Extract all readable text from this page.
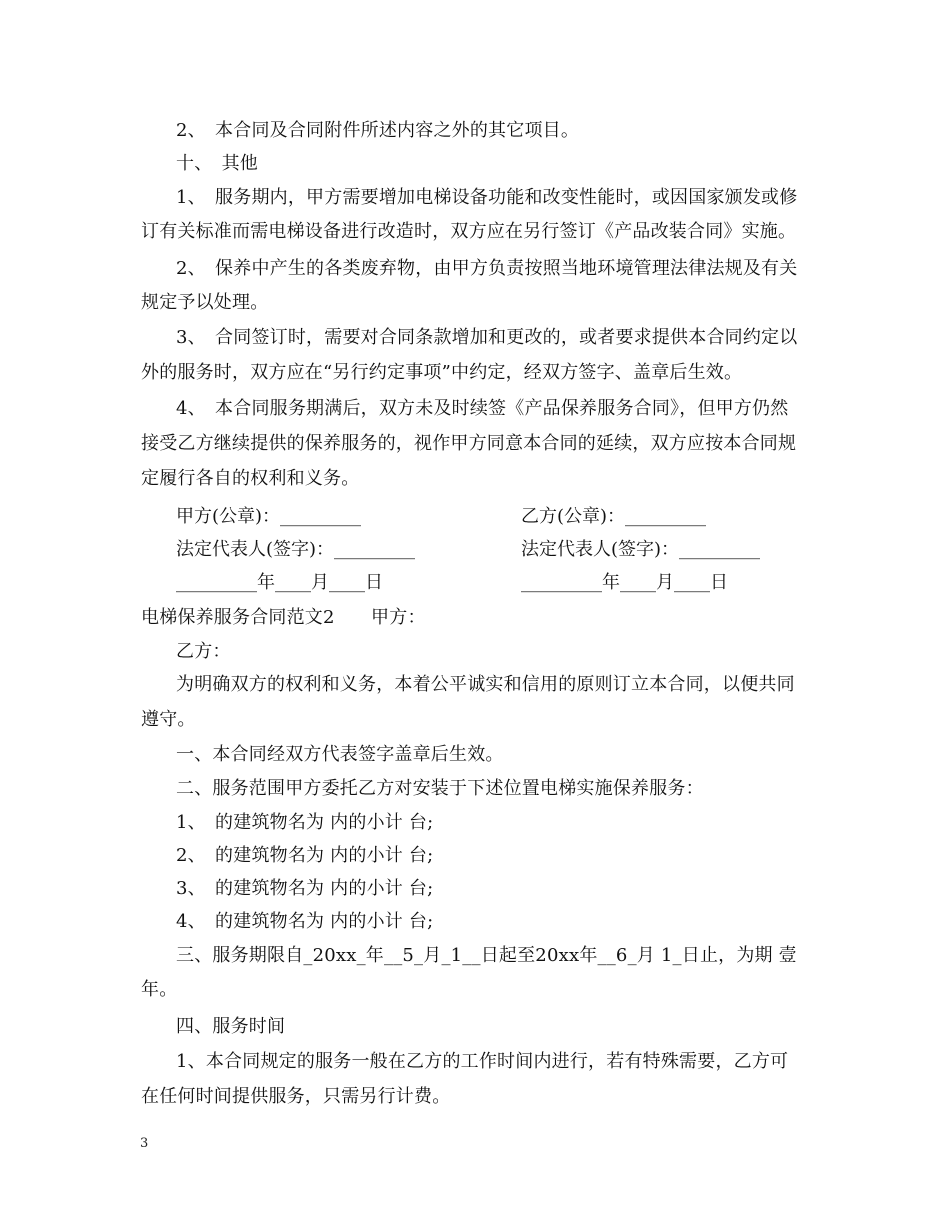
2、　本合同及合同附件所述内容之外的其它项目。
十、　其他
1、　服务期内，甲方需要增加电梯设备功能和改变性能时，或因国家颁发或修
订有关标准而需电梯设备进行改造时，双方应在另行签订《产品改装合同》实施。
2、　保养中产生的各类废弃物，由甲方负责按照当地环境管理法律法规及有关
规定予以处理。
3、　合同签订时，需要对合同条款增加和更改的，或者要求提供本合同约定以
外的服务时，双方应在“另行约定事项”中约定，经双方签字、盖章后生效。
4、　本合同服务期满后，双方未及时续签《产品保养服务合同》，但甲方仍然
接受乙方继续提供的保养服务的，视作甲方同意本合同的延续，双方应按本合同规
定履行各自的权利和义务。
甲方(公章)：_________	乙方(公章)：_________
法定代表人(签字)：_________	法定代表人(签字)：_________
_________年____月____日	_________年____月____日
电梯保养服务合同范文2　　甲方：
乙方：
为明确双方的权利和义务，本着公平诚实和信用的原则订立本合同，以便共同
遵守。
一、本合同经双方代表签字盖章后生效。
二、服务范围甲方委托乙方对安装于下述位置电梯实施保养服务：
1、　的建筑物名为 内的小计 台;
2、　的建筑物名为 内的小计 台;
3、　的建筑物名为 内的小计 台;
4、　的建筑物名为 内的小计 台;
三、服务期限自_20xx_年__5_月_1__日起至20xx年__6_月 1_日止，为期 壹
年。
四、服务时间
1、本合同规定的服务一般在乙方的工作时间内进行，若有特殊需要，乙方可
在任何时间提供服务，只需另行计费。
3
